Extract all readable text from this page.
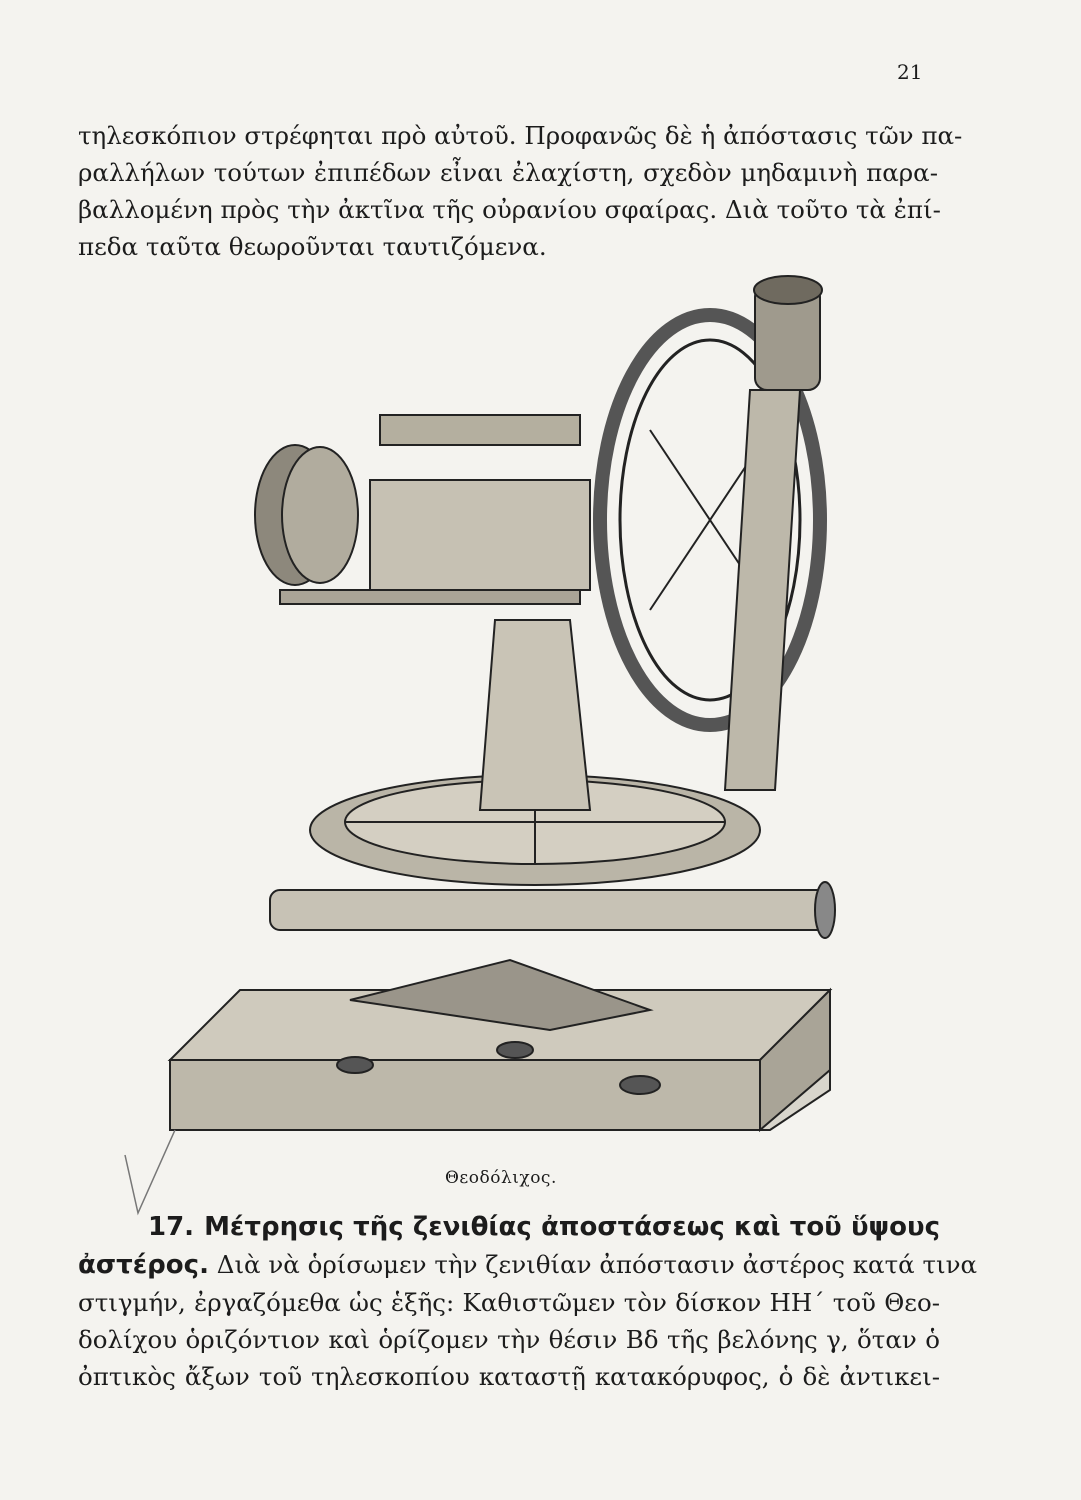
21
τηλεσκόπιον στρέφηται πρὸ αὐτοῦ. Προφανῶς δὲ ἡ ἀπόστασις τῶν πα-
ραλλήλων τούτων ἐπιπέδων εἶναι ἐλαχίστη, σχεδὸν μηδαμινὴ παρα-
βαλλομένη πρὸς τὴν ἀκτῖνα τῆς οὐρανίου σφαίρας. Διὰ τοῦτο τὰ ἐπί-
πεδα ταῦτα θεωροῦνται ταυτιζόμενα.
Θεοδόλιχος.
17. Μέτρησις τῆς ζενιθίας ἀποστάσεως καὶ τοῦ ὕψους
ἀστέρος. Διὰ νὰ ὁρίσωμεν τὴν ζενιθίαν ἀπόστασιν ἀστέρος κατά τινα
στιγμήν, ἐργαζόμεθα ὡς ἑξῆς: Καθιστῶμεν τὸν δίσκον ΗΗ΄ τοῦ Θεο-
δολίχου ὁριζόντιον καὶ ὁρίζομεν τὴν θέσιν Βδ τῆς βελόνης γ, ὅταν ὁ
ὀπτικὸς ἄξων τοῦ τηλεσκοπίου καταστῇ κατακόρυφος, ὁ δὲ ἀντικει-
